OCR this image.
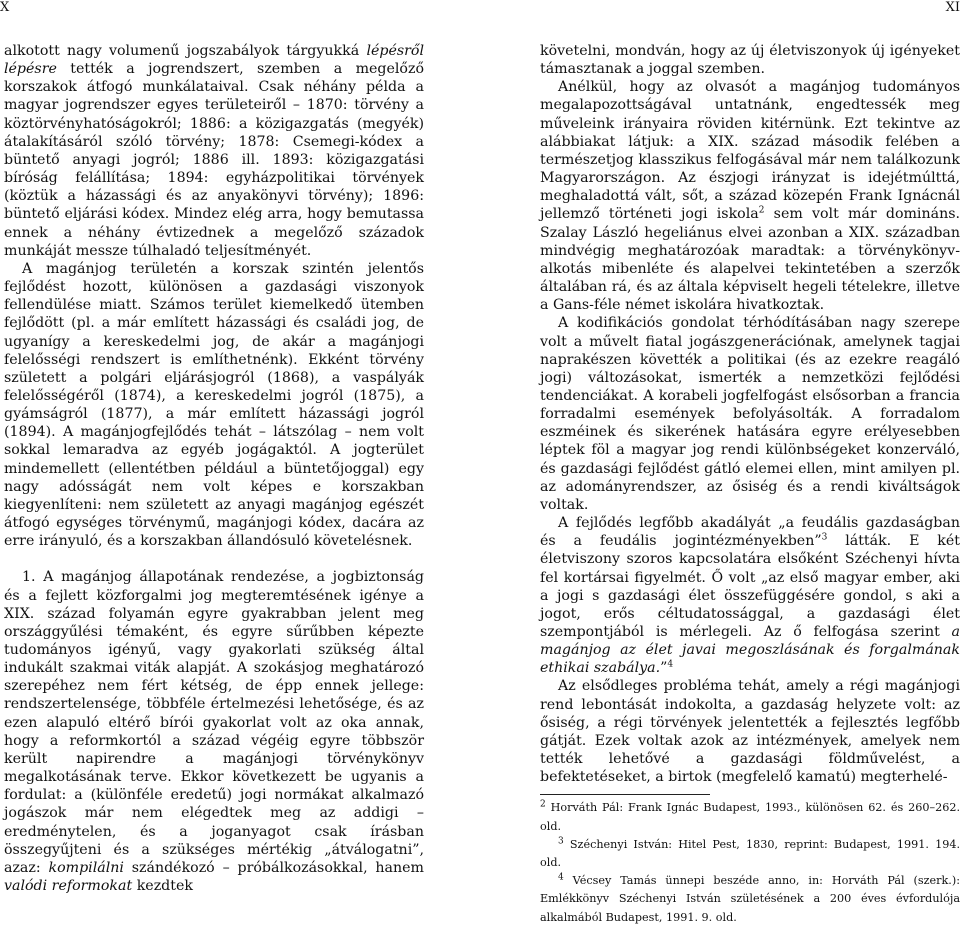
X	XI

alkotott nagy volumenű jogszabályok tárgyukká lépésről lépésre tették a jogrendszert, szemben a megelőző korszakok átfogó munkálataival. Csak néhány példa a magyar jogrendszer egyes területeiről – 1870: törvény a köztörvényhatóságokról; 1886: a közigazgatás (megyék) átalakításáról szóló törvény; 1878: Csemegi-kódex a büntető anyagi jogról; 1886 ill. 1893: közigazgatási bíróság felállítása; 1894: egyházpolitikai törvények (köztük a házassági és az anyakönyvi törvény); 1896: büntető eljárási kódex. Mindez elég arra, hogy bemutassa ennek a néhány évtizednek a megelőző századok munkáját messze túlhaladó teljesítményét.

A magánjog területén a korszak szintén jelentős fejlődést hozott, különösen a gazdasági viszonyok fellendülése miatt. Számos terület kiemelkedő ütemben fejlődött (pl. a már említett házassági és családi jog, de ugyanígy a kereskedelmi jog, de akár a magánjogi felelősségi rendszert is említhetnénk). Ekként törvény született a polgári eljárásjogról (1868), a vaspályák felelősségéről (1874), a kereskedelmi jogról (1875), a gyámságról (1877), a már említett házassági jogról (1894). A magánjogfejlődés tehát – látszólag – nem volt sokkal lemaradva az egyéb jogágaktól. A jogterület mindemellett (ellentétben például a büntetőjoggal) egy nagy adósságát nem volt képes e korszakban kiegyenlíteni: nem született az anyagi magánjog egészét átfogó egységes törvénymű, magánjogi kódex, dacára az erre irányuló, és a korszakban állandósuló követelésnek.

1. A magánjog állapotának rendezése, a jogbiztonság és a fejlett közforgalmi jog megteremtésének igénye a XIX. század folyamán egyre gyakrabban jelent meg országgyűlési témaként, és egyre sűrűbben képezte tudományos igényű, vagy gyakorlati szükség által indukált szakmai viták alapját. A szokásjog meghatározó szerepéhez nem fért kétség, de épp ennek jellege: rendszertelensége, többféle értelmezési lehetősége, és az ezen alapuló eltérő bírói gyakorlat volt az oka annak, hogy a reformkortól a század végéig egyre többször került napirendre a magánjogi törvénykönyv megalkotásának terve. Ekkor következett be ugyanis a fordulat: a (különféle eredetű) jogi normákat alkalmazó jogászok már nem elégedtek meg az addigi – eredménytelen, és a joganyagot csak írásban összegyűjteni és a szükséges mértékig „átválogatni”, azaz: kompilálni szándékozó – próbálkozásokkal, hanem valódi reformokat kezdtek

követelni, mondván, hogy az új életviszonyok új igényeket támasztanak a joggal szemben.

Anélkül, hogy az olvasót a magánjog tudományos megalapozottságával untatnánk, engedtessék meg műveleink irányaira röviden kitérnünk. Ezt tekintve az alábbiakat látjuk: a XIX. század második felében a természetjog klasszikus felfogásával már nem találkozunk Magyarországon. Az észjogi irányzat is idejétmúlttá, meghaladottá vált, sőt, a század közepén Frank Ignácnál jellemző történeti jogi iskola$^2$ sem volt már domináns. Szalay László hegeliánus elvei azonban a XIX. században mindvégig meghatározóak maradtak: a törvénykönyv-alkotás mibenléte és alapelvei tekintetében a szerzők általában rá, és az általa képviselt hegeli tételekre, illetve a Gans-féle német iskolára hivatkoztak.

A kodifikációs gondolat térhódításában nagy szerepe volt a művelt fiatal jogászgenerációnak, amelynek tagjai naprakészen követték a politikai (és az ezekre reagáló jogi) változásokat, ismerték a nemzetközi fejlődési tendenciákat. A korabeli jogfelfogást elsősorban a francia forradalmi események befolyásolták. A forradalom eszméinek és sikerének hatására egyre erélyesebben léptek föl a magyar jog rendi különbségeket konzerváló, és gazdasági fejlődést gátló elemei ellen, mint amilyen pl. az adományrendszer, az ősiség és a rendi kiváltságok voltak.

A fejlődés legfőbb akadályát „a feudális gazdaságban és a feudális jogintézményekben”$^3$ látták. E két életviszony szoros kapcsolatára elsőként Széchenyi hívta fel kortársai figyelmét. Ő volt „az első magyar ember, aki a jogi s gazdasági élet összefüggésére gondol, s aki a jogot, erős céltudatossággal, a gazdasági élet szempontjából is mérlegeli. Az ő felfogása szerint a magánjog az élet javai megoszlásának és forgalmának ethikai szabálya.”$^4$

Az elsődleges probléma tehát, amely a régi magánjogi rend lebontását indokolta, a gazdaság helyzete volt: az ősiség, a régi törvények jelentették a fejlesztés legfőbb gátját. Ezek voltak azok az intézmények, amelyek nem tették lehetővé a gazdasági földművelést, a befektetéseket, a birtok (megfelelő kamatú) megterhelé-

$^2$ Horváth Pál: Frank Ignác Budapest, 1993., különösen 62. és 260–262. old.

$^3$ Széchenyi István: Hitel Pest, 1830, reprint: Budapest, 1991. 194. old.

$^4$ Vécsey Tamás ünnepi beszéde anno, in: Horváth Pál (szerk.): Emlékkönyv Széchenyi István születésének a 200 éves évfordulója alkalmából Budapest, 1991. 9. old.
